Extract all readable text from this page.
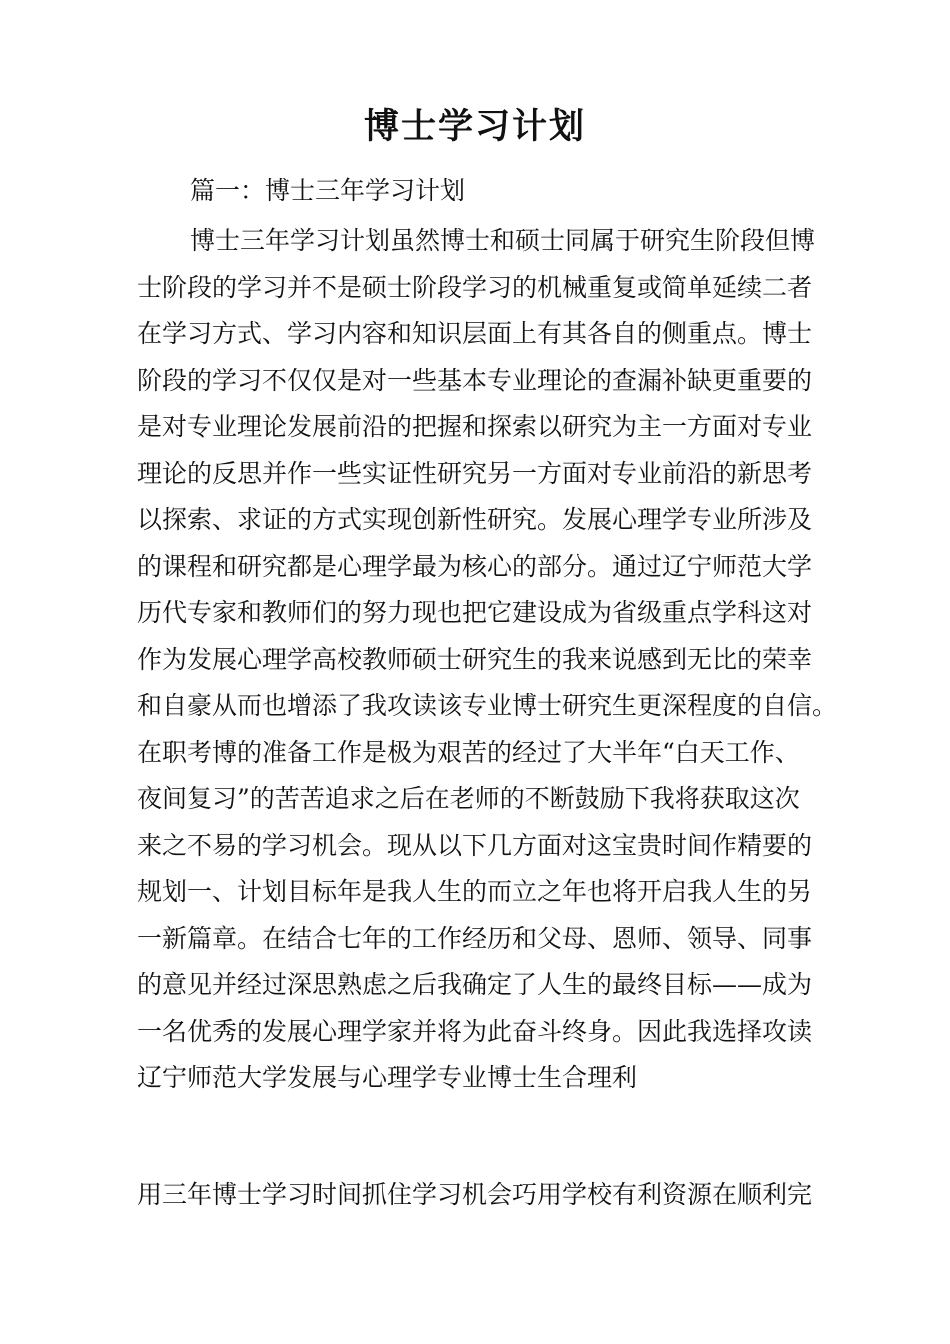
博士学习计划
篇一：博士三年学习计划
博士三年学习计划虽然博士和硕士同属于研究生阶段但博
士阶段的学习并不是硕士阶段学习的机械重复或简单延续二者
在学习方式、学习内容和知识层面上有其各自的侧重点。博士
阶段的学习不仅仅是对一些基本专业理论的查漏补缺更重要的
是对专业理论发展前沿的把握和探索以研究为主一方面对专业
理论的反思并作一些实证性研究另一方面对专业前沿的新思考
以探索、求证的方式实现创新性研究。发展心理学专业所涉及
的课程和研究都是心理学最为核心的部分。通过辽宁师范大学
历代专家和教师们的努力现也把它建设成为省级重点学科这对
作为发展心理学高校教师硕士研究生的我来说感到无比的荣幸
和自豪从而也增添了我攻读该专业博士研究生更深程度的自信。
在职考博的准备工作是极为艰苦的经过了大半年“白天工作、
夜间复习”的苦苦追求之后在老师的不断鼓励下我将获取这次
来之不易的学习机会。现从以下几方面对这宝贵时间作精要的
规划一、计划目标年是我人生的而立之年也将开启我人生的另
一新篇章。在结合七年的工作经历和父母、恩师、领导、同事
的意见并经过深思熟虑之后我确定了人生的最终目标——成为
一名优秀的发展心理学家并将为此奋斗终身。因此我选择攻读
辽宁师范大学发展与心理学专业博士生合理利
用三年博士学习时间抓住学习机会巧用学校有利资源在顺利完
